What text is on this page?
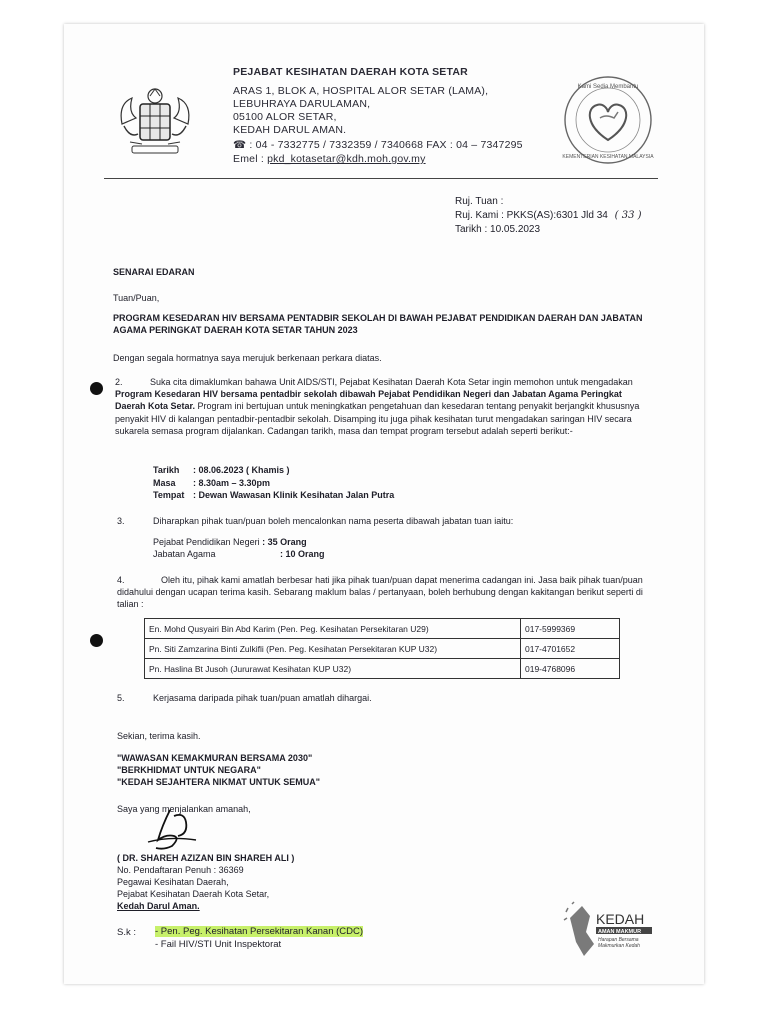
PEJABAT KESIHATAN DAERAH KOTA SETAR
ARAS 1, BLOK A, HOSPITAL ALOR SETAR (LAMA),
LEBUHRAYA DARULAMAN,
05100 ALOR SETAR,
KEDAH DARUL AMAN.
☎ : 04 - 7332775 / 7332359 / 7340668 FAX : 04 – 7347295
Emel : pkd_kotasetar@kdh.moh.gov.my
Kami Sedia Membantu
KEMENTERIAN KESIHATAN MALAYSIA
Ruj. Tuan :
Ruj. Kami : PKKS(AS):6301 Jld 34 ( 33 )
Tarikh : 10.05.2023
SENARAI EDARAN
Tuan/Puan,
PROGRAM KESEDARAN HIV BERSAMA PENTADBIR SEKOLAH DI BAWAH PEJABAT PENDIDIKAN DAERAH DAN JABATAN
AGAMA PERINGKAT DAERAH KOTA SETAR TAHUN 2023
Dengan segala hormatnya saya merujuk berkenaan perkara diatas.
2.	Suka cita dimaklumkan bahawa Unit AIDS/STI, Pejabat Kesihatan Daerah Kota Setar ingin memohon untuk mengadakan Program Kesedaran HIV bersama pentadbir sekolah dibawah Pejabat Pendidikan Negeri dan Jabatan Agama Peringkat Daerah Kota Setar. Program ini bertujuan untuk meningkatkan pengetahuan dan kesedaran tentang penyakit berjangkit khususnya penyakit HIV di kalangan pentadbir-pentadbir sekolah. Disamping itu juga pihak kesihatan turut mengadakan saringan HIV secara sukarela semasa program dijalankan. Cadangan tarikh, masa dan tempat program tersebut adalah seperti berikut:-
Tarikh : 08.06.2023 ( Khamis )
Masa : 8.30am – 3.30pm
Tempat : Dewan Wawasan Klinik Kesihatan Jalan Putra
3.	Diharapkan pihak tuan/puan boleh mencalonkan nama peserta dibawah jabatan tuan iaitu:
Pejabat Pendidikan Negeri : 35 Orang
Jabatan Agama	: 10 Orang
4.	Oleh itu, pihak kami amatlah berbesar hati jika pihak tuan/puan dapat menerima cadangan ini. Jasa baik pihak tuan/puan didahului dengan ucapan terima kasih. Sebarang maklum balas / pertanyaan, boleh berhubung dengan kakitangan berikut seperti di talian :
En. Mohd Qusyairi Bin Abd Karim (Pen. Peg. Kesihatan Persekitaran U29)	017-5999369
Pn. Siti Zamzarina Binti Zulkifli (Pen. Peg. Kesihatan Persekitaran KUP U32)	017-4701652
Pn. Haslina Bt Jusoh (Jururawat Kesihatan KUP U32)	019-4768096
5.	Kerjasama daripada pihak tuan/puan amatlah dihargai.
Sekian, terima kasih.
"WAWASAN KEMAKMURAN BERSAMA 2030"
"BERKHIDMAT UNTUK NEGARA"
"KEDAH SEJAHTERA NIKMAT UNTUK SEMUA"
Saya yang menjalankan amanah,
( DR. SHAREH AZIZAN BIN SHAREH ALI )
No. Pendaftaran Penuh : 36369
Pegawai Kesihatan Daerah,
Pejabat Kesihatan Daerah Kota Setar,
Kedah Darul Aman.
S.k : - Pen. Peg. Kesihatan Persekitaran Kanan (CDC)
- Fail HIV/STI Unit Inspektorat
KEDAH
AMAN MAKMUR
Harapan Bersama
Makmurkan Kedah
